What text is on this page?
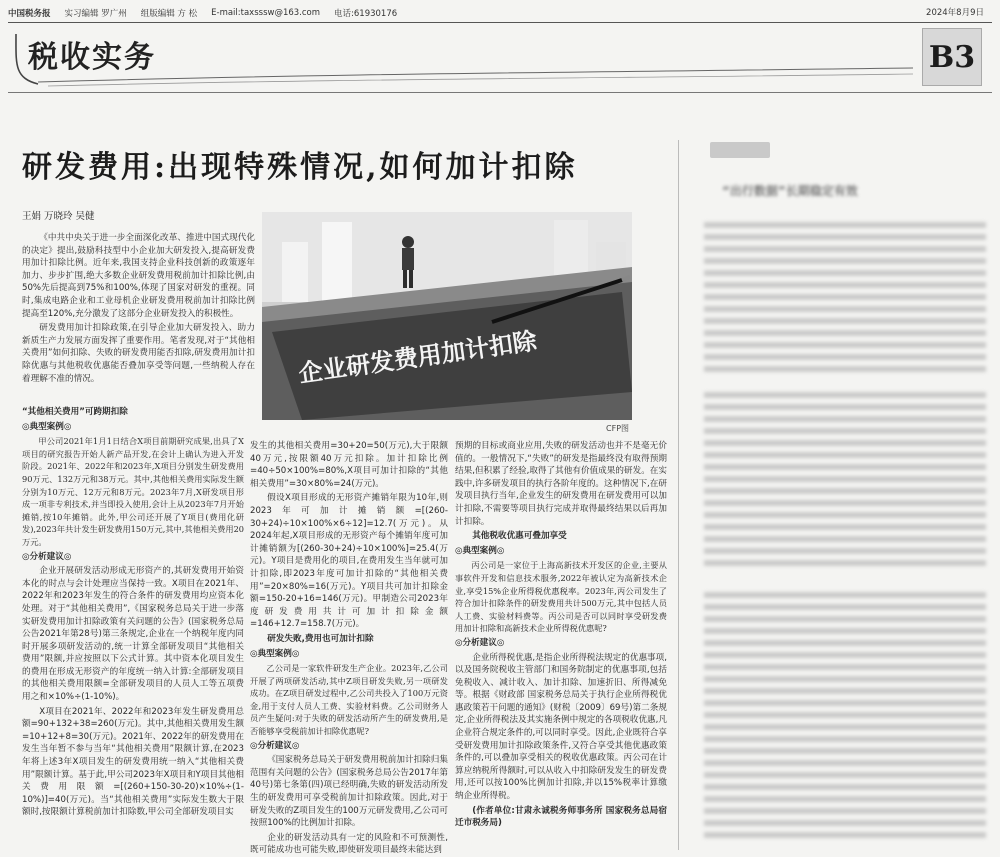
中国税务报 实习编辑 罗广州 组版编辑 方 松 E-mail:taxsssw@163.com 电话:61930176	2024年8月9日
税收实务	B3
研发费用:出现特殊情况,如何加计扣除
王娟 万晓玲 吴健

《中共中央关于进一步全面深化改革、推进中国式现代化的决定》提出,鼓励科技型中小企业加大研发投入,提高研发费用加计扣除比例。近年来,我国支持企业科技创新的政策逐年加力、步步扩围,绝大多数企业研发费用税前加计扣除比例,由50%先后提高到75%和100%,体现了国家对研发的重视。同时,集成电路企业和工业母机企业研发费用税前加计扣除比例提高至120%,充分激发了这部分企业研发投入的积极性。

研发费用加计扣除政策,在引导企业加大研发投入、助力新质生产力发展方面发挥了重要作用。笔者发现,对于“其他相关费用”如何扣除、失败的研发费用能否扣除,研发费用加计扣除优惠与其他税收优惠能否叠加享受等问题,一些纳税人存在着理解不准的情况。

“其他相关费用”可跨期扣除

◎典型案例◎

甲公司2021年1月1日结合X项目前期研究成果,出具了X项目的研究报告开始人新产品开发,在会计上确认为进入开发阶段。2021年、2022年和2023年,X项目分别发生研发费用90万元、132万元和38万元。其中,其他相关费用实际发生额分别为10万元、12万元和8万元。2023年7月,X研发项目形成一项非专利技术,并当即投入使用,会计上从2023年7月开始摊销,按10年摊销。此外,甲公司还开展了Y项目(费用化研发),2023年共计发生研发费用150万元,其中,其他相关费用20万元。

◎分析建议◎

企业开展研发活动形成无形资产的,其研发费用开始资本化的时点与会计处理应当保持一致。X项目在2021年、2022年和2023年发生的符合条件的研发费用均应资本化处理。对于“其他相关费用”,《国家税务总局关于进一步落实研发费用加计扣除政策有关问题的公告》(国家税务总局公告2021年第28号)第三条规定,企业在一个纳税年度内同时开展多项研发活动的,统一计算全部研发项目“其他相关费用”限额,并应按照以下公式计算。其中资本化项目发生的费用在形成无形资产的年度统一纳入计算:全部研发项目的其他相关费用限额=全部研发项目的人员人工等五项费用之和×10%÷(1-10%)。

X项目在2021年、2022年和2023年发生研发费用总额=90+132+38=260(万元)。其中,其他相关费用发生额=10+12+8=30(万元)。2021年、2022年的研发费用在发生当年暂不参与当年“其他相关费用”限额计算,在2023年将上述3年X项目发生的研发费用统一纳入“其他相关费用”限额计算。基于此,甲公司2023年X项目和Y项目其他相关费用限额=[(260+150-30-20)×10%÷(1-10%)]=40(万元)。当“其他相关费用”实际发生数大于限额时,按限额计算税前加计扣除数,甲公司全部研发项目实

企业研发费用加计扣除
CFP图

发生的其他相关费用=30+20=50(万元),大于限额40万元,按限额40万元扣除。加计扣除比例=40÷50×100%=80%,X项目可加计扣除的“其他相关费用”=30×80%=24(万元)。

假设X项目形成的无形资产摊销年限为10年,则2023年可加计摊销额=[(260-30+24)÷10×100%×6÷12]=12.7(万元)。从2024年起,X项目形成的无形资产每个摊销年度可加计摊销额为[(260-30+24)÷10×100%]=25.4(万元)。Y项目是费用化的项目,在费用发生当年就可加计扣除,即2023年度可加计扣除的“其他相关费用”=20×80%=16(万元)。Y项目共可加计扣除金额=150-20+16=146(万元)。甲制造公司2023年度研发费用共计可加计扣除金额=146+12.7=158.7(万元)。

研发失败,费用也可加计扣除

◎典型案例◎

乙公司是一家软件研发生产企业。2023年,乙公司开展了两项研发活动,其中Z项目研发失败,另一项研发成功。在Z项目研发过程中,乙公司共投入了100万元资金,用于支付人员人工费、实验材料费。乙公司财务人员产生疑问:对于失败的研发活动所产生的研发费用,是否能够享受税前加计扣除优惠呢?

◎分析建议◎

《国家税务总局关于研发费用税前加计扣除归集范围有关问题的公告》(国家税务总局公告2017年第40号)第七条第(四)项已经明确,失败的研发活动所发生的研发费用可享受税前加计扣除政策。因此,对于研发失败的Z项目发生的100万元研发费用,乙公司可按照100%的比例加计扣除。

企业的研发活动具有一定的风险和不可预测性,既可能成功也可能失败,即使研发项目最终未能达到

预期的目标或商业应用,失败的研发活动也并不是毫无价值的。一般情况下,“失败”的研发是指最终没有取得预期结果,但积累了经验,取得了其他有价值成果的研发。在实践中,许多研发项目的执行各阶年度的。这种情况下,在研发项目执行当年,企业发生的研发费用在研发费用可以加计扣除,不需要等项目执行完成并取得最终结果以后再加计扣除。

其他税收优惠可叠加享受

◎典型案例◎

丙公司是一家位于上海高新技术开发区的企业,主要从事软件开发和信息技术服务,2022年被认定为高新技术企业,享受15%企业所得税优惠税率。2023年,丙公司发生了符合加计扣除条件的研发费用共计500万元,其中包括人员人工费、实验材料费等。丙公司是否可以同时享受研发费用加计扣除和高新技术企业所得税优惠呢?

◎分析建议◎

企业所得税优惠,是指企业所得税法规定的优惠事项,以及国务院税收主管部门和国务院制定的优惠事项,包括免税收入、减计收入、加计扣除、加速折旧、所得减免等。根据《财政部 国家税务总局关于执行企业所得税优惠政策若干问题的通知》(财税〔2009〕69号)第二条规定,企业所得税法及其实施条例中规定的各项税收优惠,凡企业符合规定条件的,可以同时享受。因此,企业既符合享受研发费用加计扣除政策条件,又符合享受其他优惠政策条件的,可以叠加享受相关的税收优惠政策。丙公司在计算应纳税所得额时,可以从收入中扣除研发发生的研发费用,还可以按100%比例加计扣除,并以15%税率计算缴纳企业所得税。

(作者单位:甘肃永诚税务师事务所 国家税务总局宿迁市税务局)

“出行数据”长期稳定有效
